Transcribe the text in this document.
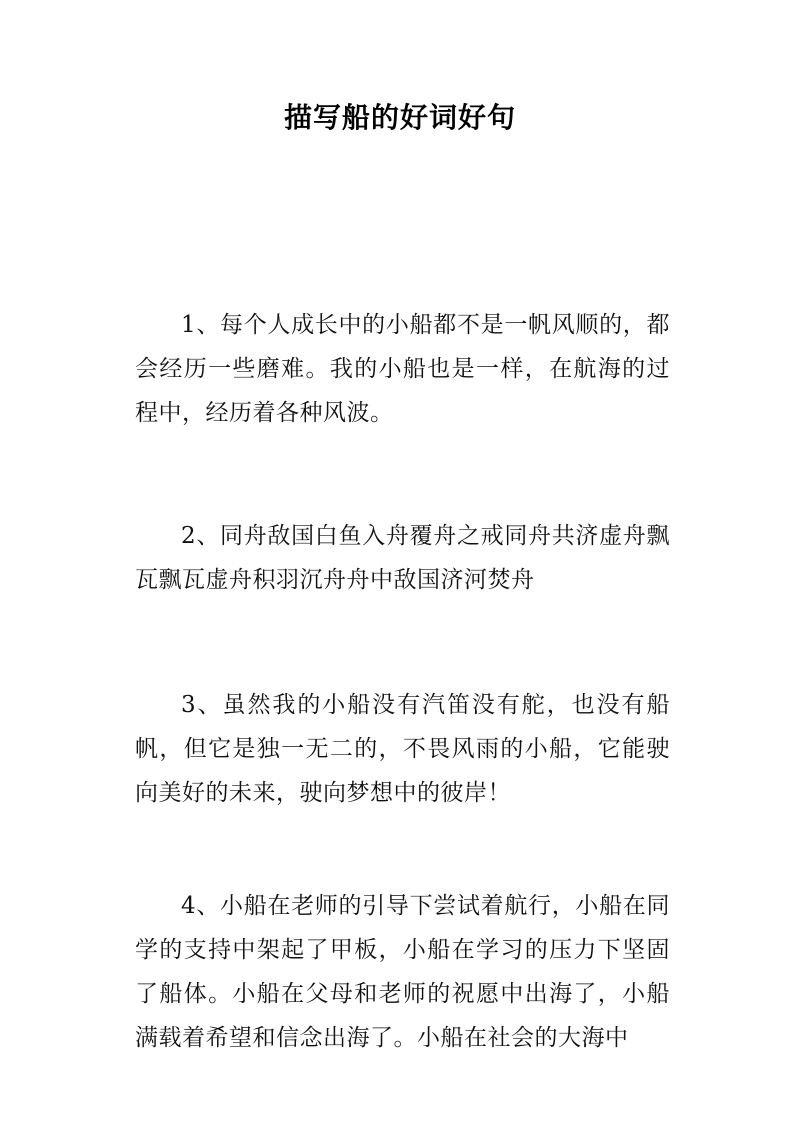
描写船的好词好句

1、每个人成长中的小船都不是一帆风顺的，都会经历一些磨难。我的小船也是一样，在航海的过程中，经历着各种风波。

2、同舟敌国白鱼入舟覆舟之戒同舟共济虚舟飘瓦飘瓦虚舟积羽沉舟舟中敌国济河焚舟

3、虽然我的小船没有汽笛没有舵，也没有船帆，但它是独一无二的，不畏风雨的小船，它能驶向美好的未来，驶向梦想中的彼岸！

4、小船在老师的引导下尝试着航行，小船在同学的支持中架起了甲板，小船在学习的压力下坚固了船体。小船在父母和老师的祝愿中出海了，小船满载着希望和信念出海了。小船在社会的大海中
